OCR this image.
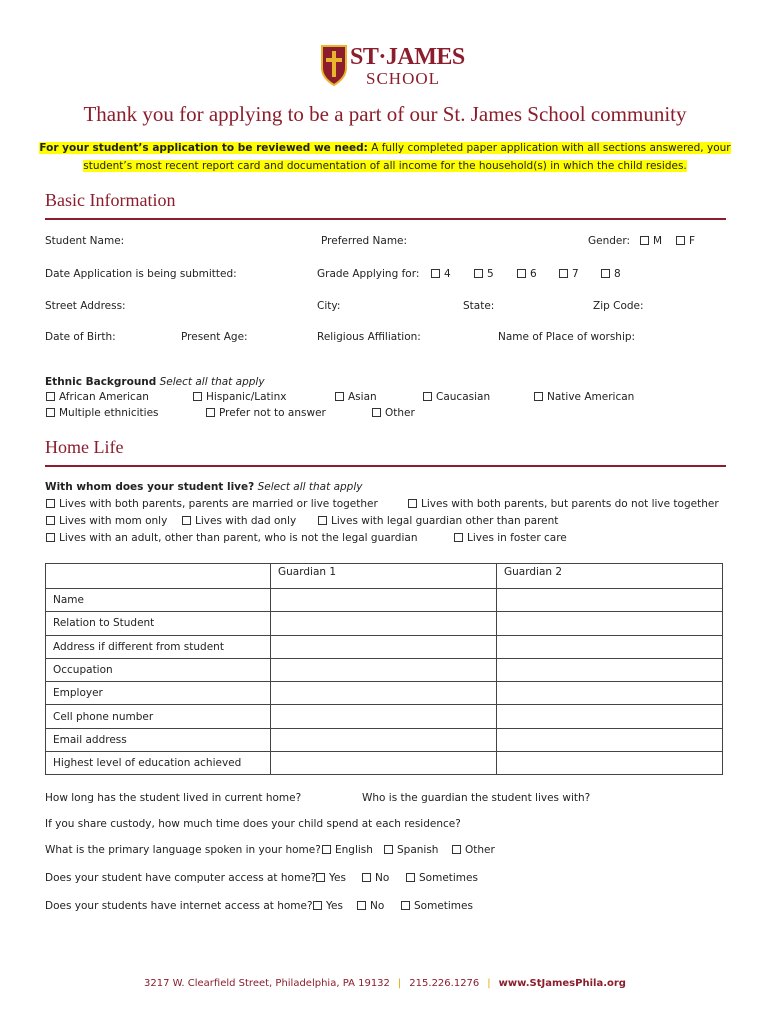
ST·JAMES
SCHOOL
Thank you for applying to be a part of our St. James School community
For your student’s application to be reviewed we need: A fully completed paper application with all sections answered, your
student’s most recent report card and documentation of all income for the household(s) in which the child resides.
Basic Information
Student Name:	Preferred Name:	Gender:	M	F
Date Application is being submitted:	Grade Applying for:	4	5	6	7	8
Street Address:	City:	State:	Zip Code:
Date of Birth:	Present Age:	Religious Affiliation:	Name of Place of worship:
Ethnic Background Select all that apply
African American	Hispanic/Latinx	Asian	Caucasian	Native American
Multiple ethnicities	Prefer not to answer	Other
Home Life
With whom does your student live? Select all that apply
Lives with both parents, parents are married or live together	Lives with both parents, but parents do not live together
Lives with mom only	Lives with dad only	Lives with legal guardian other than parent
Lives with an adult, other than parent, who is not the legal guardian	Lives in foster care
	Guardian 1	Guardian 2
Name		
Relation to Student		
Address if different from student		
Occupation		
Employer		
Cell phone number		
Email address		
Highest level of education achieved		
How long has the student lived in current home?	Who is the guardian the student lives with?
If you share custody, how much time does your child spend at each residence?
What is the primary language spoken in your home?	English	Spanish	Other
Does your student have computer access at home?	Yes	No	Sometimes
Does your students have internet access at home?	Yes	No	Sometimes
3217 W. Clearfield Street, Philadelphia, PA 19132 | 215.226.1276 | www.StJamesPhila.org
